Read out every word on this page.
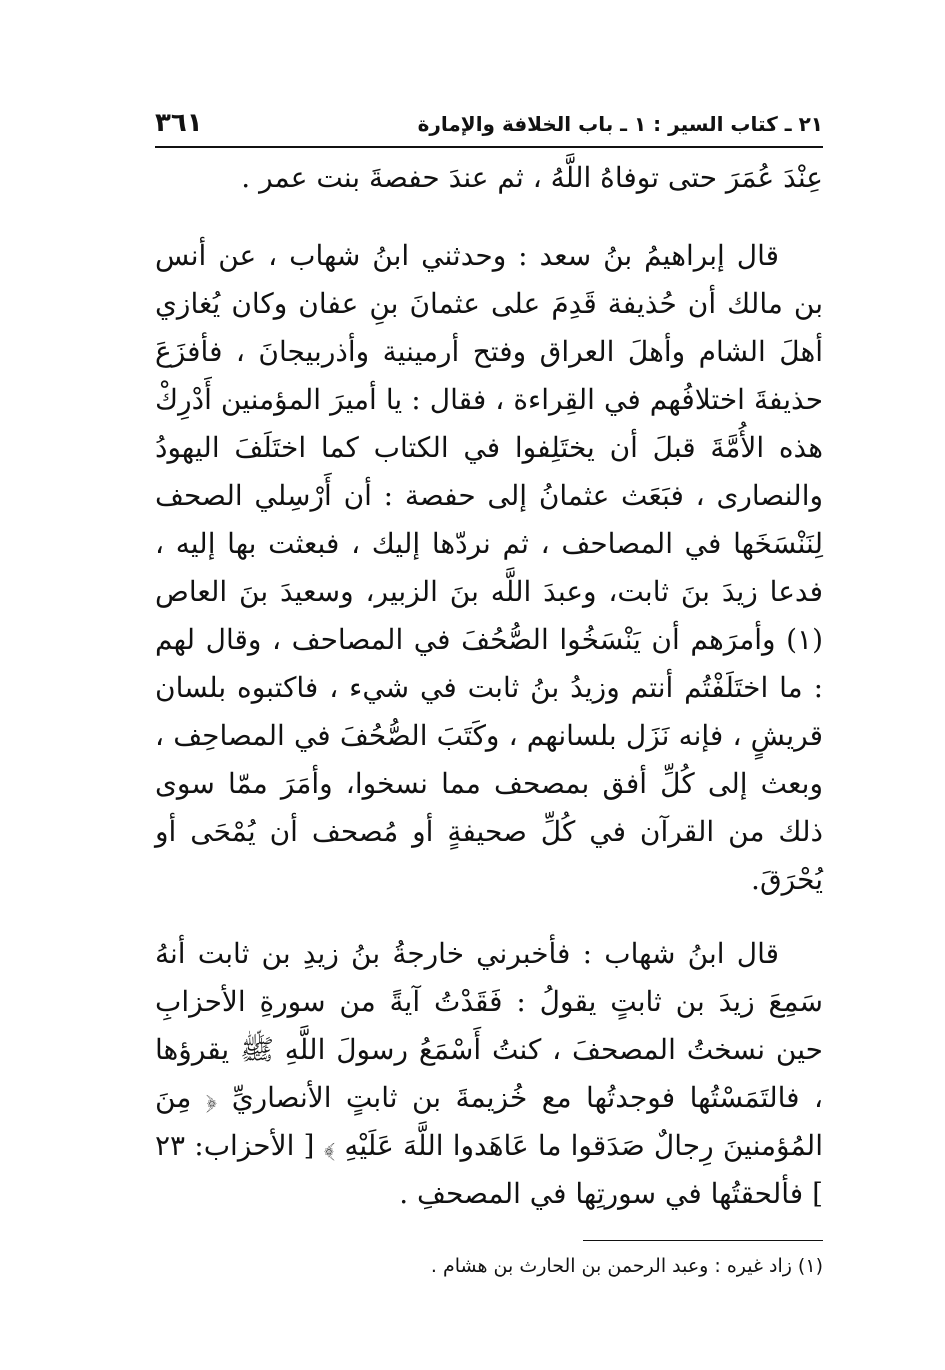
٢١ ـ كتاب السير : ١ ـ باب الخلافة والإمارة
٣٦١

عِنْدَ عُمَرَ حتى توفاهُ اللَّهُ ، ثم عندَ حفصةَ بنت عمر .

قال إبراهيمُ بنُ سعد : وحدثني ابنُ شهاب ، عن أنس بن مالك أن حُذيفة قَدِمَ على عثمانَ بنِ عفان وكان يُغازي أهلَ الشام وأهلَ العراق وفتح أرمينية وأذربيجانَ ، فأفزَعَ حذيفةَ اختلافُهم في القِراءة ، فقال : يا أميرَ المؤمنين أَدْرِكْ هذه الأُمَّةَ قبلَ أن يختَلِفوا في الكتاب كما اختَلَفَ اليهودُ والنصارى ، فبَعَث عثمانُ إلى حفصة : أن أَرْسِلي الصحف لِنَنْسَخَها في المصاحف ، ثم نردّها إليك ، فبعثت بها إليه ، فدعا زيدَ بنَ ثابت، وعبدَ اللَّه بنَ الزبير، وسعيدَ بنَ العاص (١) وأمرَهم أن يَنْسَخُوا الصُّحُفَ في المصاحف ، وقال لهم : ما اختَلَفْتُم أنتم وزيدُ بنُ ثابت في شيء ، فاكتبوه بلسان قريشٍ ، فإنه نَزَل بلسانهم ، وكَتَبَ الصُّحُفَ في المصاحِف ، وبعث إلى كُلِّ أفق بمصحف مما نسخوا، وأمَرَ ممّا سوى ذلك من القرآن في كُلِّ صحيفةٍ أو مُصحف أن يُمْحَى أو يُحْرَقَ.

قال ابنُ شهاب : فأخبرني خارجةُ بنُ زيدِ بن ثابت أنهُ سَمِعَ زيدَ بن ثابتٍ يقولُ : فَقَدْتُ آيةً من سورةِ الأحزابِ حين نسختُ المصحفَ ، كنتُ أَسْمَعُ رسولَ اللَّهِ ﷺ يقرؤها ، فالتَمَسْتُها فوجدتُها مع خُزيمةَ بن ثابتٍ الأنصاريِّ ﴿ مِنَ المُؤمنينَ رِجالٌ صَدَقوا ما عَاهَدوا اللَّهَ عَلَيْهِ ﴾ [ الأحزاب: ٢٣ ] فألحقتُها في سورتِها في المصحفِ .

(١) زاد غيره : وعبد الرحمن بن الحارث بن هشام .
